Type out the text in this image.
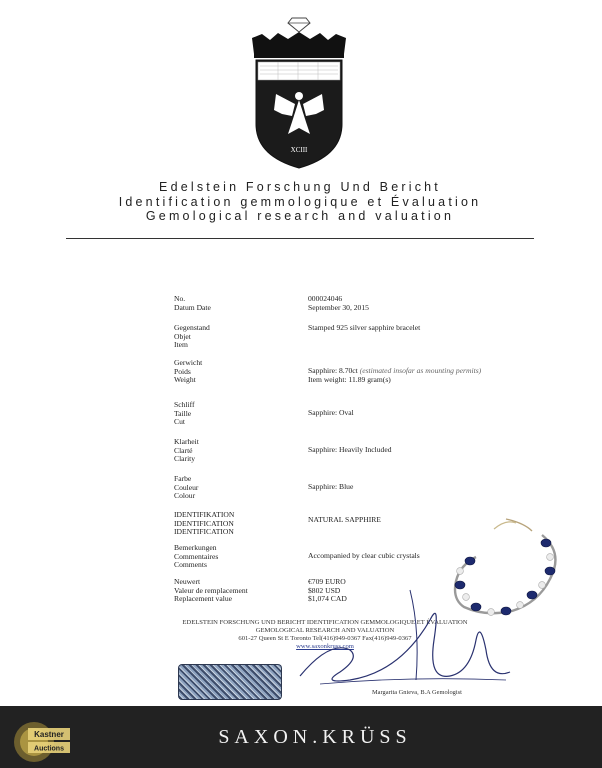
XCIII
Edelstein Forschung Und Bericht
Identification gemmologique et Évaluation
Gemological research and valuation
000024046
September 30, 2015
No.
Datum Date
Stamped 925 silver sapphire bracelet
Gegenstand
Objet
Item
Sapphire: 8.70ct (estimated insofar as mounting permits)
Item weight: 11.89 gram(s)
Gerwicht
Poids
Weight
Sapphire: Oval
Schliff
Taille
Cut
Sapphire: Heavily Included
Klarheit
Clarté
Clarity
Sapphire: Blue
Farbe
Couleur
Colour
NATURAL SAPPHIRE
IDENTIFIKATION
IDENTIFICATION
IDENTIFICATION
Accompanied by clear cubic crystals
Bemerkungen
Commentaires
Comments
€709 EURO
$802 USD
$1,074 CAD
Neuwert
Valeur de remplacement
Replacement value
EDELSTEIN FORSCHUNG UND BERICHT IDENTIFICATION GEMMOLOGIQUE ET ÉVALUATION
GEMOLOGICAL RESEARCH AND VALUATION
601-27 Queen St E Toronto Tel(416)949-0367 Fax(416)949-0367
www.saxonkruss.com
Margarita Gnieva, B.A Gemologist
SAXON.KRÜSS
Kastner
Auctions
